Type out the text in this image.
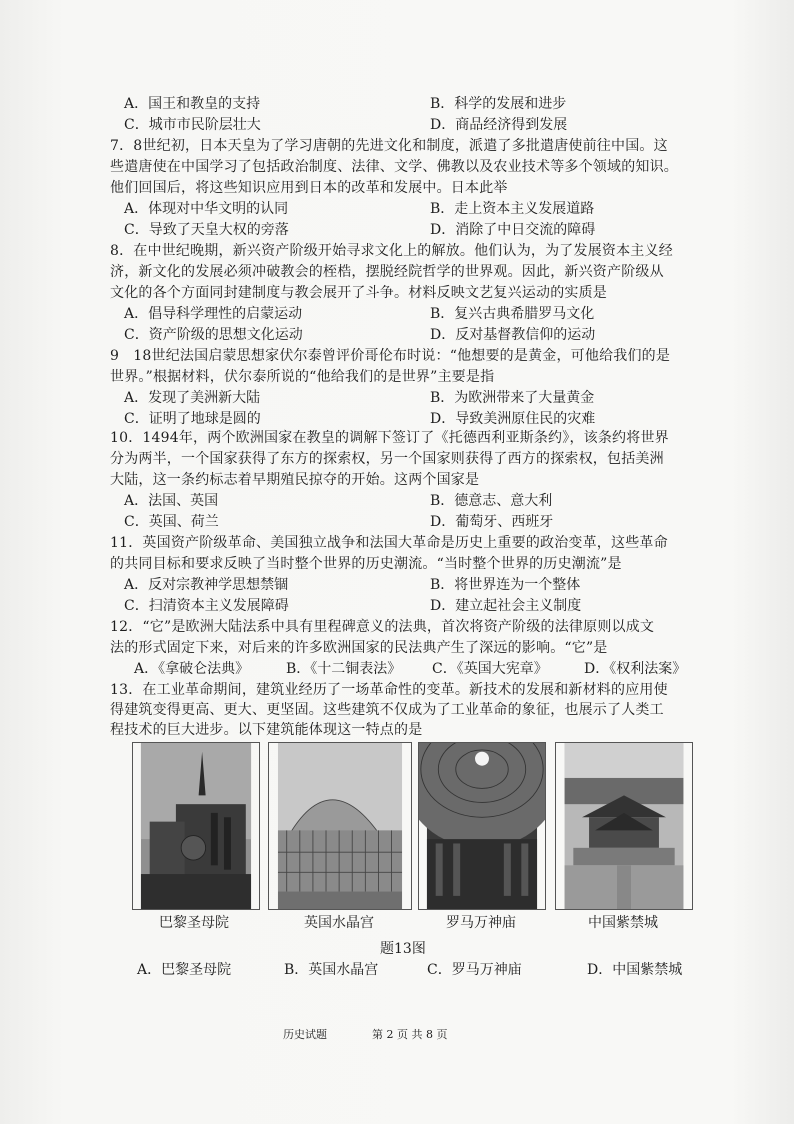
A．国王和教皇的支持	B．科学的发展和进步
C．城市市民阶层壮大	D．商品经济得到发展
7．8世纪初，日本天皇为了学习唐朝的先进文化和制度，派遣了多批遣唐使前往中国。这
些遣唐使在中国学习了包括政治制度、法律、文学、佛教以及农业技术等多个领域的知识。
他们回国后，将这些知识应用到日本的改革和发展中。日本此举
A．体现对中华文明的认同	B．走上资本主义发展道路
C．导致了天皇大权的旁落	D．消除了中日交流的障碍
8．在中世纪晚期，新兴资产阶级开始寻求文化上的解放。他们认为，为了发展资本主义经
济，新文化的发展必须冲破教会的桎梏，摆脱经院哲学的世界观。因此，新兴资产阶级从
文化的各个方面同封建制度与教会展开了斗争。材料反映文艺复兴运动的实质是
A．倡导科学理性的启蒙运动	B．复兴古典希腊罗马文化
C．资产阶级的思想文化运动	D．反对基督教信仰的运动
9　18世纪法国启蒙思想家伏尔泰曾评价哥伦布时说：“他想要的是黄金，可他给我们的是
世界。”根据材料，伏尔泰所说的“他给我们的是世界”主要是指
A．发现了美洲新大陆	B．为欧洲带来了大量黄金
C．证明了地球是圆的	D．导致美洲原住民的灾难
10．1494年，两个欧洲国家在教皇的调解下签订了《托德西利亚斯条约》，该条约将世界
分为两半，一个国家获得了东方的探索权，另一个国家则获得了西方的探索权，包括美洲
大陆，这一条约标志着早期殖民掠夺的开始。这两个国家是
A．法国、英国	B．德意志、意大利
C．英国、荷兰	D．葡萄牙、西班牙
11．英国资产阶级革命、美国独立战争和法国大革命是历史上重要的政治变革，这些革命
的共同目标和要求反映了当时整个世界的历史潮流。“当时整个世界的历史潮流”是
A．反对宗教神学思想禁锢	B．将世界连为一个整体
C．扫清资本主义发展障碍	D．建立起社会主义制度
12．“它”是欧洲大陆法系中具有里程碑意义的法典，首次将资产阶级的法律原则以成文
法的形式固定下来，对后来的许多欧洲国家的民法典产生了深远的影响。“它”是
A．《拿破仑法典》	B．《十二铜表法》 C．《英国大宪章》	D．《权利法案》
13．在工业革命期间，建筑业经历了一场革命性的变革。新技术的发展和新材料的应用使
得建筑变得更高、更大、更坚固。这些建筑不仅成为了工业革命的象征，也展示了人类工
巴黎圣母院	英国水晶宫	罗马万神庙	中国紫禁城
题13图
A．巴黎圣母院	B．英国水晶宫	C．罗马万神庙	D．中国紫禁城
历史试题	第 2 页 共 8 页
程技术的巨大进步。以下建筑能体现这一特点的是
